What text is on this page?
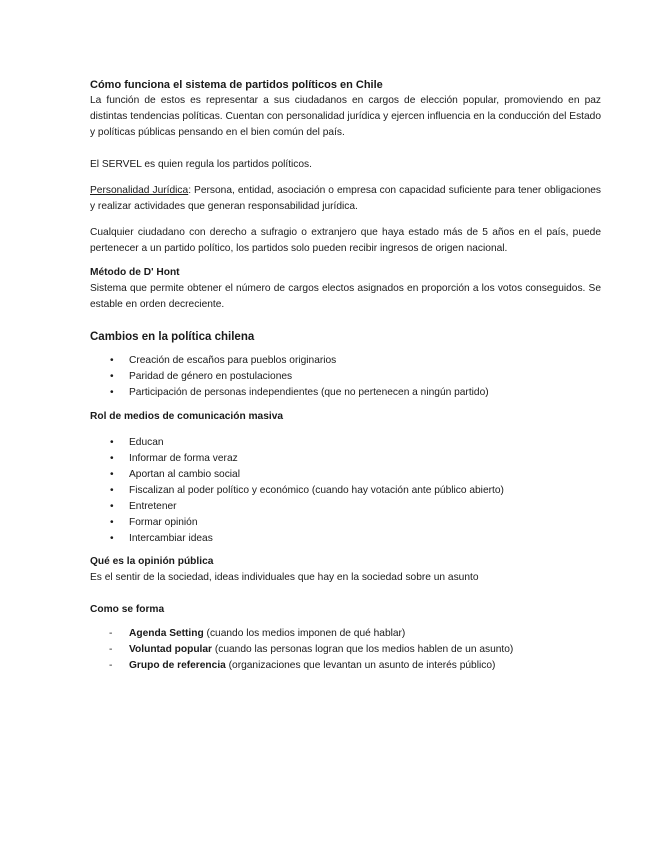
Cómo funciona el sistema de partidos políticos en Chile

La función de estos es representar a sus ciudadanos en cargos de elección popular, promoviendo en paz distintas tendencias políticas. Cuentan con personalidad jurídica y ejercen influencia en la conducción del Estado y políticas públicas pensando en el bien común del país.

El SERVEL es quien regula los partidos políticos.

Personalidad Jurídica: Persona, entidad, asociación o empresa con capacidad suficiente para tener obligaciones y realizar actividades que generan responsabilidad jurídica.

Cualquier ciudadano con derecho a sufragio o extranjero que haya estado más de 5 años en el país, puede pertenecer a un partido político, los partidos solo pueden recibir ingresos de origen nacional.

Método de D' Hont

Sistema que permite obtener el número de cargos electos asignados en proporción a los votos conseguidos. Se estable en orden decreciente.

Cambios en la política chilena
• Creación de escaños para pueblos originarios
• Paridad de género en postulaciones
• Participación de personas independientes (que no pertenecen a ningún partido)
Rol de medios de comunicación masiva
• Educan
• Informar de forma veraz
• Aportan al cambio social
• Fiscalizan al poder político y económico (cuando hay votación ante público abierto)
• Entretener
• Formar opinión
• Intercambiar ideas
Qué es la opinión pública

Es el sentir de la sociedad, ideas individuales que hay en la sociedad sobre un asunto

Como se forma
- Agenda Setting (cuando los medios imponen de qué hablar)
- Voluntad popular (cuando las personas logran que los medios hablen de un asunto)
- Grupo de referencia (organizaciones que levantan un asunto de interés público)
